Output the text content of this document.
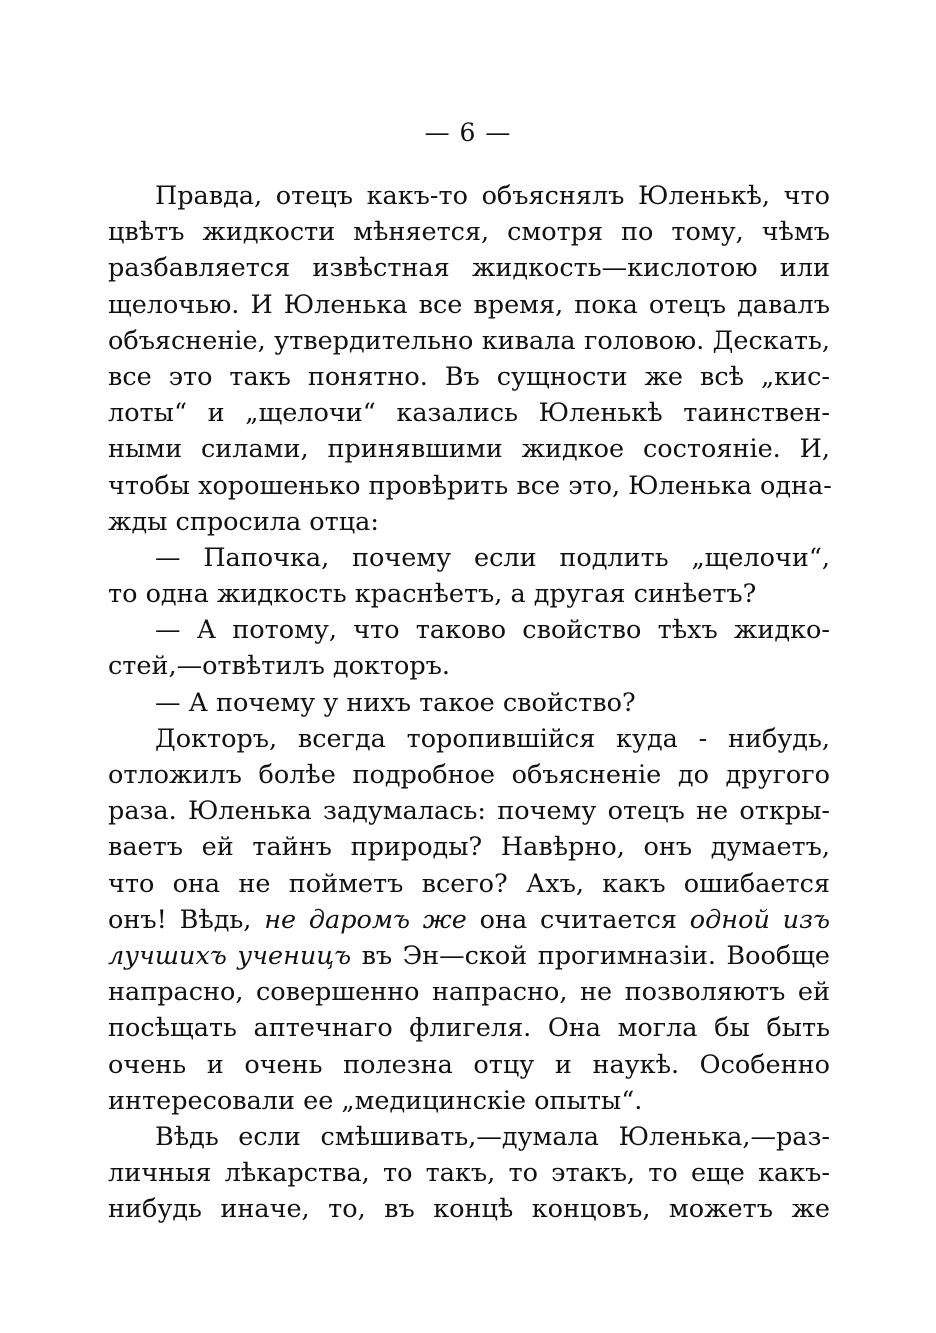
— 6 —
Правда, отецъ какъ-то объяснялъ Юленькѣ, что
цвѣтъ жидкости мѣняется, смотря по тому, чѣмъ
разбавляется извѣстная жидкость—кислотою или
щелочью. И Юленька все время, пока отецъ давалъ
объясненіе, утвердительно кивала головою. Дескать,
все это такъ понятно. Въ сущности же всѣ „кис-
лоты“ и „щелочи“ казались Юленькѣ таинствен-
ными силами, принявшими жидкое состояніе. И,
чтобы хорошенько провѣрить все это, Юленька одна-
жды спросила отца:
— Папочка, почему если подлить „щелочи“,
то одна жидкость краснѣетъ, а другая синѣетъ?
— А потому, что таково свойство тѣхъ жидко-
стей,—отвѣтилъ докторъ.
— А почему у нихъ такое свойство?
Докторъ, всегда торопившійся куда - нибудь,
отложилъ болѣе подробное объясненіе до другого
раза. Юленька задумалась: почему отецъ не откры-
ваетъ ей тайнъ природы? Навѣрно, онъ думаетъ,
что она не пойметъ всего? Ахъ, какъ ошибается
онъ! Вѣдь, не даромъ же она считается одной изъ
лучшихъ ученицъ въ Эн—ской прогимназіи. Вообще
напрасно, совершенно напрасно, не позволяютъ ей
посѣщать аптечнаго флигеля. Она могла бы быть
очень и очень полезна отцу и наукѣ. Особенно
интересовали ее „медицинскіе опыты“.
Вѣдь если смѣшивать,—думала Юленька,—раз-
личныя лѣкарства, то такъ, то этакъ, то еще какъ-
нибудь иначе, то, въ концѣ концовъ, можетъ же
